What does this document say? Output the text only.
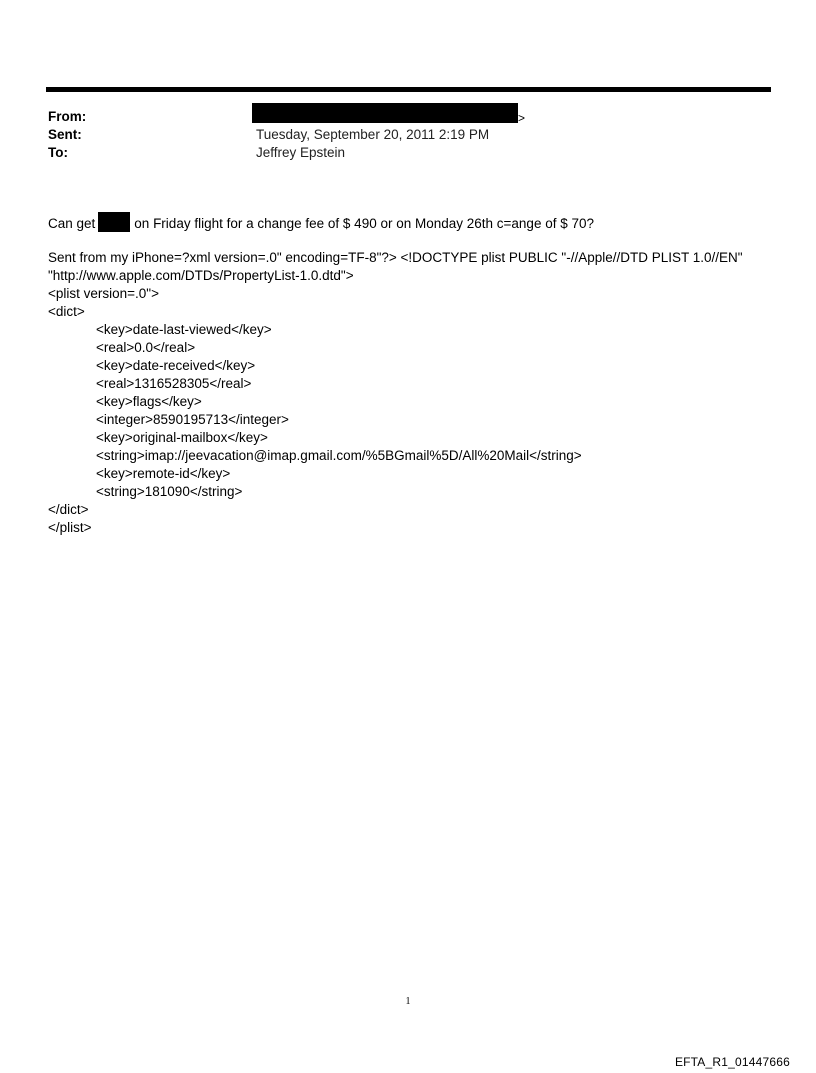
From:	>
Sent:	Tuesday, September 20, 2011 2:19 PM
To:	Jeffrey Epstein
Can get	on Friday flight for a change fee of $ 490 or on Monday 26th c=ange of $ 70?
Sent from my iPhone=?xml version=.0" encoding=TF-8"?> <!DOCTYPE plist PUBLIC "-//Apple//DTD PLIST 1.0//EN"
"http://www.apple.com/DTDs/PropertyList-1.0.dtd">
<plist version=.0">
<dict>
<key>date-last-viewed</key>
<real>0.0</real>
<key>date-received</key>
<real>1316528305</real>
<key>flags</key>
<integer>8590195713</integer>
<key>original-mailbox</key>
<string>imap://jeevacation@imap.gmail.com/%5BGmail%5D/All%20Mail</string>
<key>remote-id</key>
<string>181090</string>
</dict>
</plist>
1
EFTA_R1_01447666
